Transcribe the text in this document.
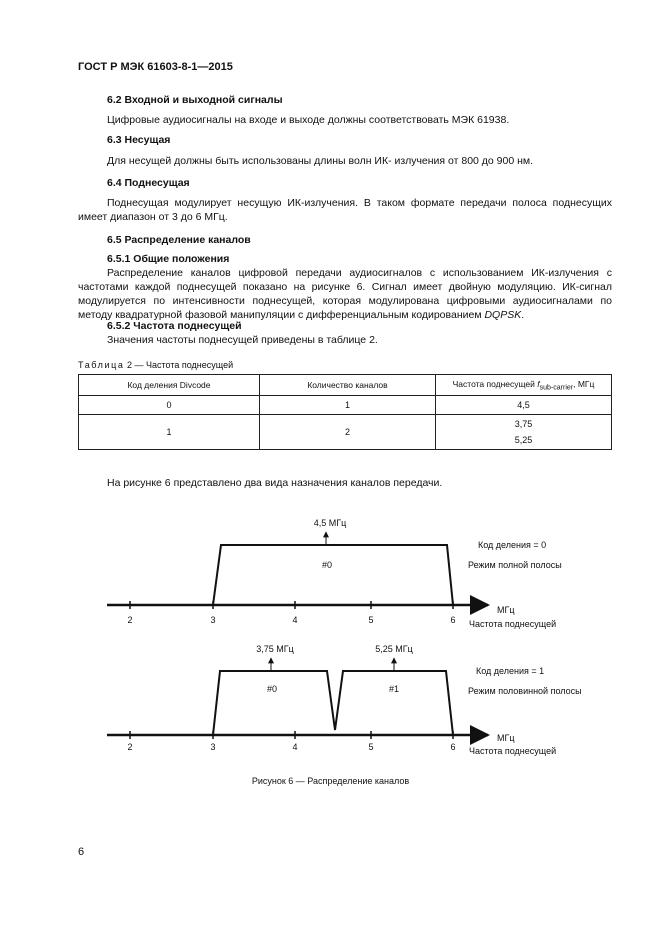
ГОСТ Р МЭК 61603-8-1—2015
6.2 Входной и выходной сигналы
Цифровые аудиосигналы на входе и выходе должны соответствовать МЭК 61938.
6.3 Несущая
Для несущей должны быть использованы длины волн ИК- излучения от 800 до 900 нм.
6.4 Поднесущая
Поднесущая модулирует несущую ИК-излучения. В таком формате передачи полоса поднесущих
имеет диапазон от 3 до 6 МГц.
6.5 Распределение каналов
6.5.1 Общие положения
Распределение каналов цифровой передачи аудиосигналов с использованием ИК-излучения с
частотами каждой поднесущей показано на рисунке 6. Сигнал имеет двойную модуляцию. ИК-сигнал
модулируется по интенсивности поднесущей, которая модулирована цифровыми аудиосигналами по
методу квадратурной фазовой манипуляции с дифференциальным кодированием DQPSK.
6.5.2 Частота поднесущей
Значения частоты поднесущей приведены в таблице 2.
Таблица 2 — Частота поднесущей
Код деления Divcode	Количество каналов	Частота поднесущей $f_{sub-carrier}$, МГц
0	1	4,5
1	2	3,75
5,25
На рисунке 6 представлено два вида назначения каналов передачи.
2	3	4	5	6
МГц
Частота поднесущей
4,5 МГц
#0
Код деления = 0
Режим полной полосы
2	3	4	5	6
МГц
Частота поднесущей
3,75 МГц	5,25 МГц
#0	#1
Код деления = 1
Режим половинной полосы
Рисунок 6 — Распределение каналов
6
